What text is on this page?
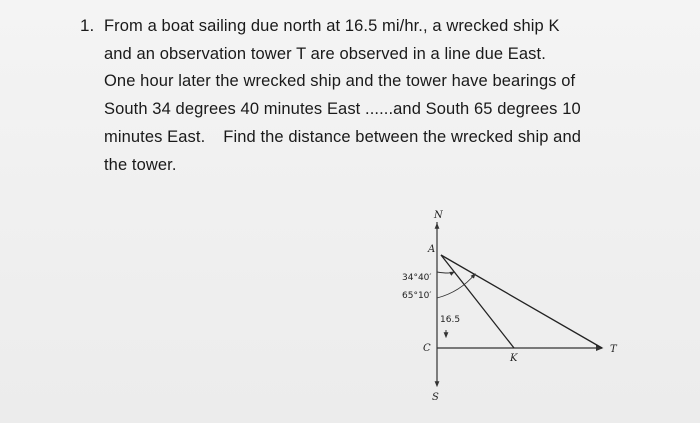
1. From a boat sailing due north at 16.5 mi/hr., a wrecked ship K
and an observation tower T are observed in a line due East.
One hour later the wrecked ship and the tower have bearings of
South 34 degrees 40 minutes East ......and South 65 degrees 10
minutes East. Find the distance between the wrecked ship and
the tower.
N
A
34°40′
65°10′
16.5
C
K
T
S
